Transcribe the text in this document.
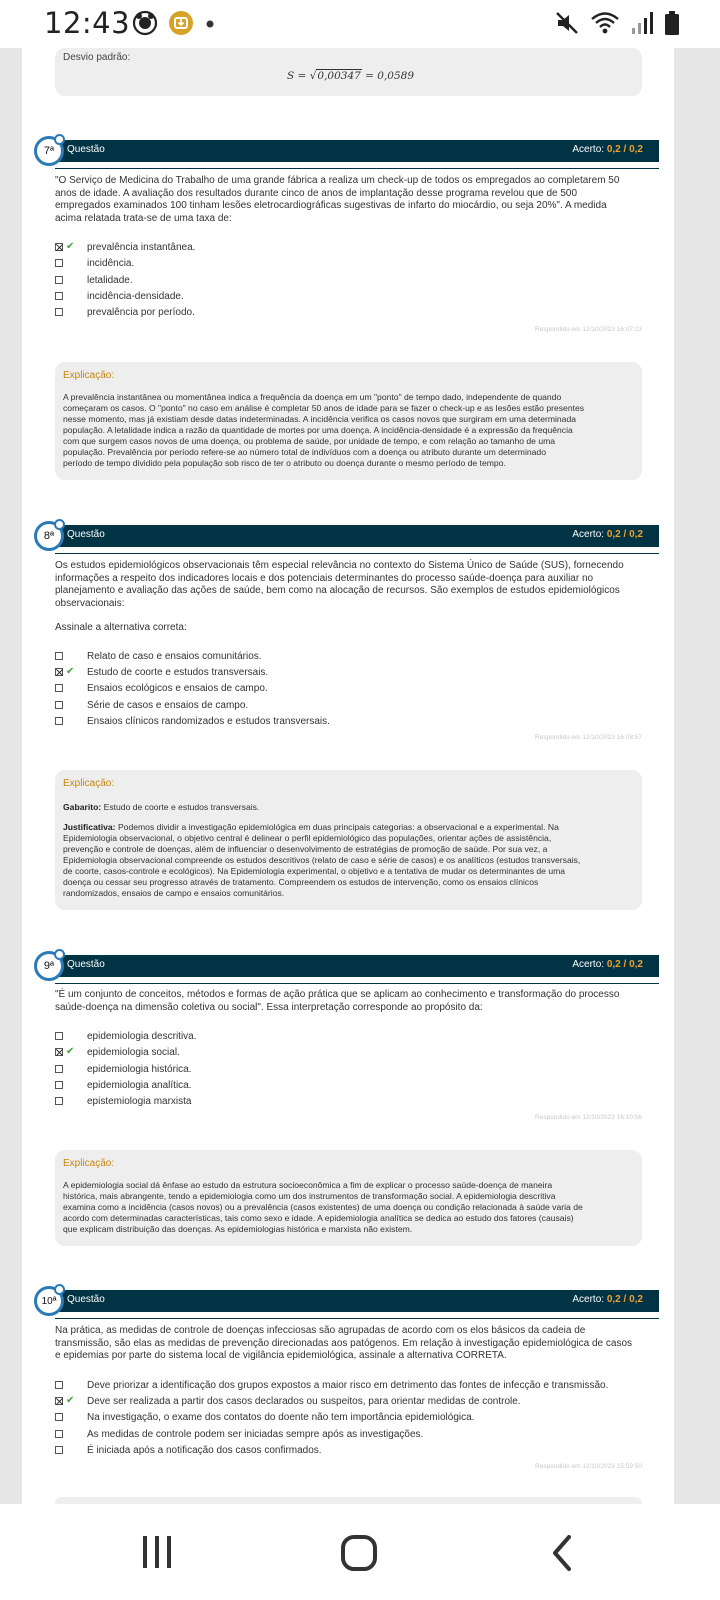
12:43
Desvio padrão:
S = √0,00347 = 0,0589
Questão	Acerto: 0,2 / 0,2
7ª
"O Serviço de Medicina do Trabalho de uma grande fábrica a realiza um check-up de todos os empregados ao completarem 50
anos de idade. A avaliação dos resultados durante cinco de anos de implantação desse programa revelou que de 500
empregados examinados 100 tinham lesões eletrocardiográficas sugestivas de infarto do miocárdio, ou seja 20%". A medida
acima relatada trata-se de uma taxa de:
✔ prevalência instantânea.
incidência.
letalidade.
incidência-densidade.
prevalência por período.
Respondido em 12/10/2023 16:07:23
Explicação:
A prevalência instantânea ou momentânea indica a frequência da doença em um "ponto" de tempo dado, independente de quando
começaram os casos. O "ponto" no caso em análise é completar 50 anos de idade para se fazer o check-up e as lesões estão presentes
nesse momento, mas já existiam desde datas indeterminadas. A incidência verifica os casos novos que surgiram em uma determinada
população. A letalidade indica a razão da quantidade de mortes por uma doença. A incidência-densidade é a expressão da frequência
com que surgem casos novos de uma doença, ou problema de saúde, por unidade de tempo, e com relação ao tamanho de uma
população. Prevalência por período refere-se ao número total de indivíduos com a doença ou atributo durante um determinado
período de tempo dividido pela população sob risco de ter o atributo ou doença durante o mesmo período de tempo.
Questão	Acerto: 0,2 / 0,2
8ª
Os estudos epidemiológicos observacionais têm especial relevância no contexto do Sistema Único de Saúde (SUS), fornecendo
informações a respeito dos indicadores locais e dos potenciais determinantes do processo saúde-doença para auxiliar no
planejamento e avaliação das ações de saúde, bem como na alocação de recursos. São exemplos de estudos epidemiológicos
observacionais:
Assinale a alternativa correta:
Relato de caso e ensaios comunitários.
✔ Estudo de coorte e estudos transversais.
Ensaios ecológicos e ensaios de campo.
Série de casos e ensaios de campo.
Ensaios clínicos randomizados e estudos transversais.
Respondido em 12/10/2023 16:08:57
Explicação:
Gabarito: Estudo de coorte e estudos transversais.
Justificativa: Podemos dividir a investigação epidemiológica em duas principais categorias: a observacional e a experimental. Na
Epidemiologia observacional, o objetivo central é delinear o perfil epidemiológico das populações, orientar ações de assistência,
prevenção e controle de doenças, além de influenciar o desenvolvimento de estratégias de promoção de saúde. Por sua vez, a
Epidemiologia observacional compreende os estudos descritivos (relato de caso e série de casos) e os analíticos (estudos transversais,
de coorte, casos-controle e ecológicos). Na Epidemiologia experimental, o objetivo e a tentativa de mudar os determinantes de uma
doença ou cessar seu progresso através de tratamento. Compreendem os estudos de intervenção, como os ensaios clínicos
randomizados, ensaios de campo e ensaios comunitários.
Questão	Acerto: 0,2 / 0,2
9ª
"É um conjunto de conceitos, métodos e formas de ação prática que se aplicam ao conhecimento e transformação do processo
saúde-doença na dimensão coletiva ou social". Essa interpretação corresponde ao propósito da:
epidemiologia descritiva.
✔ epidemiologia social.
epidemiologia histórica.
epidemiologia analítica.
epistemiologia marxista
Respondido em 12/10/2023 16:10:56
Explicação:
A epidemiologia social dá ênfase ao estudo da estrutura socioeconômica a fim de explicar o processo saúde-doença de maneira
histórica, mais abrangente, tendo a epidemiologia como um dos instrumentos de transformação social. A epidemiologia descritiva
examina como a incidência (casos novos) ou a prevalência (casos existentes) de uma doença ou condição relacionada à saúde varia de
acordo com determinadas características, tais como sexo e idade. A epidemiologia analítica se dedica ao estudo dos fatores (causais)
que explicam distribuição das doenças. As epidemiologias histórica e marxista não existem.
Questão	Acerto: 0,2 / 0,2
10ª
Na prática, as medidas de controle de doenças infecciosas são agrupadas de acordo com os elos básicos da cadeia de
transmissão, são elas as medidas de prevenção direcionadas aos patógenos. Em relação à investigação epidemiológica de casos
e epidemias por parte do sistema local de vigilância epidemiológica, assinale a alternativa CORRETA.
Deve priorizar a identificação dos grupos expostos a maior risco em detrimento das fontes de infecção e transmissão.
✔ Deve ser realizada a partir dos casos declarados ou suspeitos, para orientar medidas de controle.
Na investigação, o exame dos contatos do doente não tem importância epidemiológica.
As medidas de controle podem ser iniciadas sempre após as investigações.
É iniciada após a notificação dos casos confirmados.
Respondido em 12/10/2023 15:59:50
